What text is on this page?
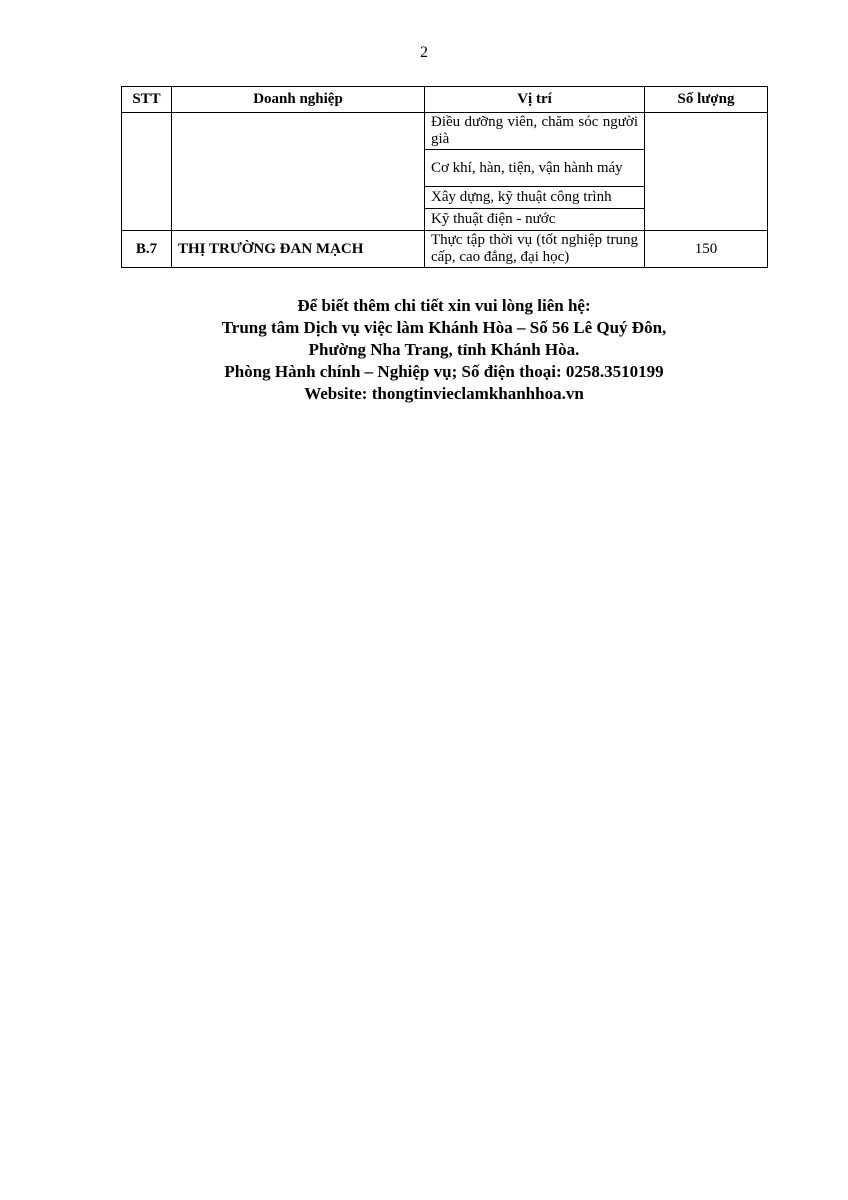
2
STT	Doanh nghiệp	Vị trí	Số lượng
		Điều dưỡng viên, chăm sóc người già	
		Cơ khí, hàn, tiện, vận hành máy	
		Xây dựng, kỹ thuật công trình	
		Kỹ thuật điện - nước	
B.7	THỊ TRƯỜNG ĐAN MẠCH	Thực tập thời vụ (tốt nghiệp trung cấp, cao đẳng, đại học)	150
Để biết thêm chi tiết xin vui lòng liên hệ:
Trung tâm Dịch vụ việc làm Khánh Hòa – Số 56 Lê Quý Đôn,
Phường Nha Trang, tỉnh Khánh Hòa.
Phòng Hành chính – Nghiệp vụ; Số điện thoại: 0258.3510199
Website: thongtinvieclamkhanhhoa.vn
